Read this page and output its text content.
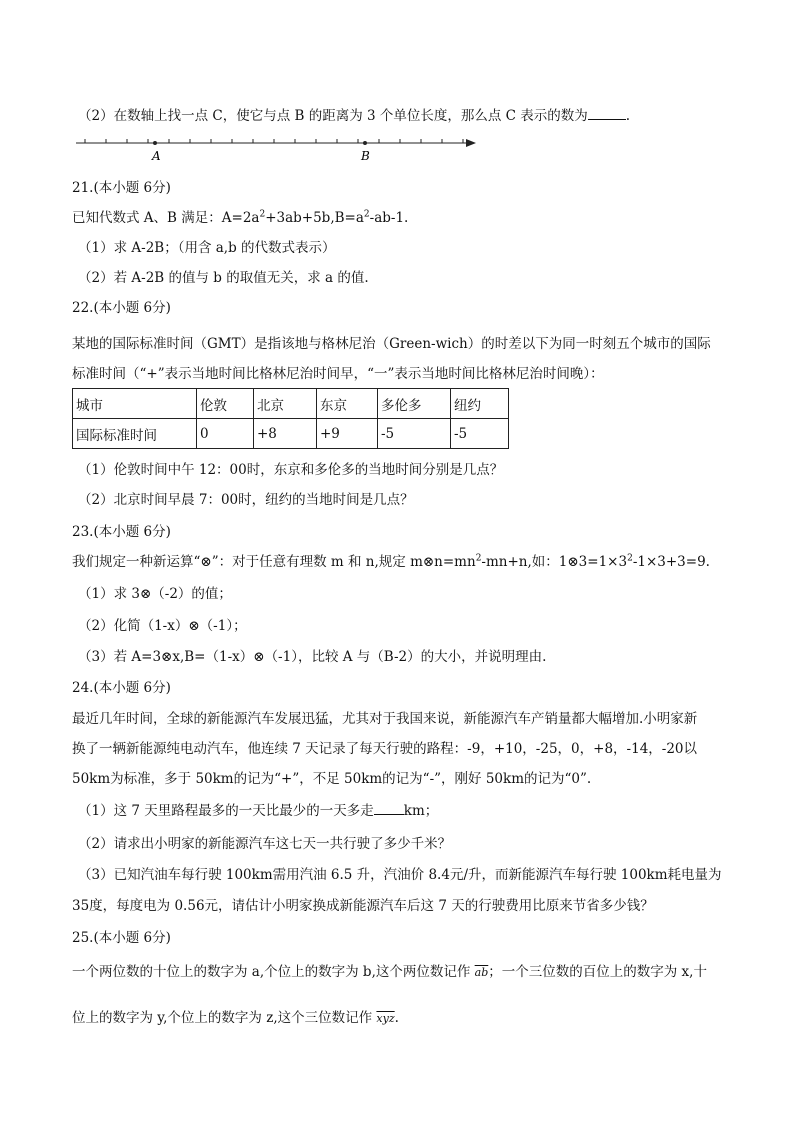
（2）在数轴上找一点 C，使它与点 B 的距离为 3 个单位长度，那么点 C 表示的数为	.
21.(本小题 6分)
已知代数式 A、B 满足：$A=2a^2+3ab+5b,B=a^2-ab-1$.
（1）求 A-2B；（用含 a,b 的代数式表示）
（2）若 A-2B 的值与 b 的取值无关，求 a 的值.
22.(本小题 6分)
某地的国际标准时间（GMT）是指该地与格林尼治（Green-wich）的时差以下为同一时刻五个城市的国际
标准时间（“+”表示当地时间比格林尼治时间早，“一”表示当地时间比格林尼治时间晚）：
城市	伦敦	北京	东京	多伦多	纽约
国际标准时间	0	+8	+9	-5	-5
（1）伦敦时间中午 12：00时，东京和多伦多的当地时间分别是几点？
（2）北京时间早晨 7：00时，纽约的当地时间是几点？
23.(本小题 6分)
我们规定一种新运算“⊗”：对于任意有理数 m 和 n,规定 $m\otimes n=mn^2-mn+n$,如：$1\otimes 3=1\times 3^2-1\times 3+3=9$.
（1）求 3⊗（-2）的值；
（2）化简（1-x）⊗（-1）；
（3）若 A=3⊗x,B=（1-x）⊗（-1），比较 A 与（B-2）的大小，并说明理由.
24.(本小题 6分)
最近几年时间，全球的新能源汽车发展迅猛，尤其对于我国来说，新能源汽车产销量都大幅增加.小明家新
换了一辆新能源纯电动汽车，他连续 7 天记录了每天行驶的路程：-9，+10，-25，0，+8，-14，-20以
50km为标准，多于 50km的记为“+”，不足 50km的记为“-”，刚好 50km的记为“0”.
（1）这 7 天里路程最多的一天比最少的一天多走 km；
（2）请求出小明家的新能源汽车这七天一共行驶了多少千米？
（3）已知汽油车每行驶 100km需用汽油 6.5 升，汽油价 8.4元/升，而新能源汽车每行驶 100km耗电量为
35度，每度电为 0.56元，请估计小明家换成新能源汽车后这 7 天的行驶费用比原来节省多少钱？
25.(本小题 6分)
一个两位数的十位上的数字为 a,个位上的数字为 b,这个两位数记作 $\overline{ab}$；一个三位数的百位上的数字为 x,十
位上的数字为 y,个位上的数字为 z,这个三位数记作 $\overline{xyz}$.
A	B
